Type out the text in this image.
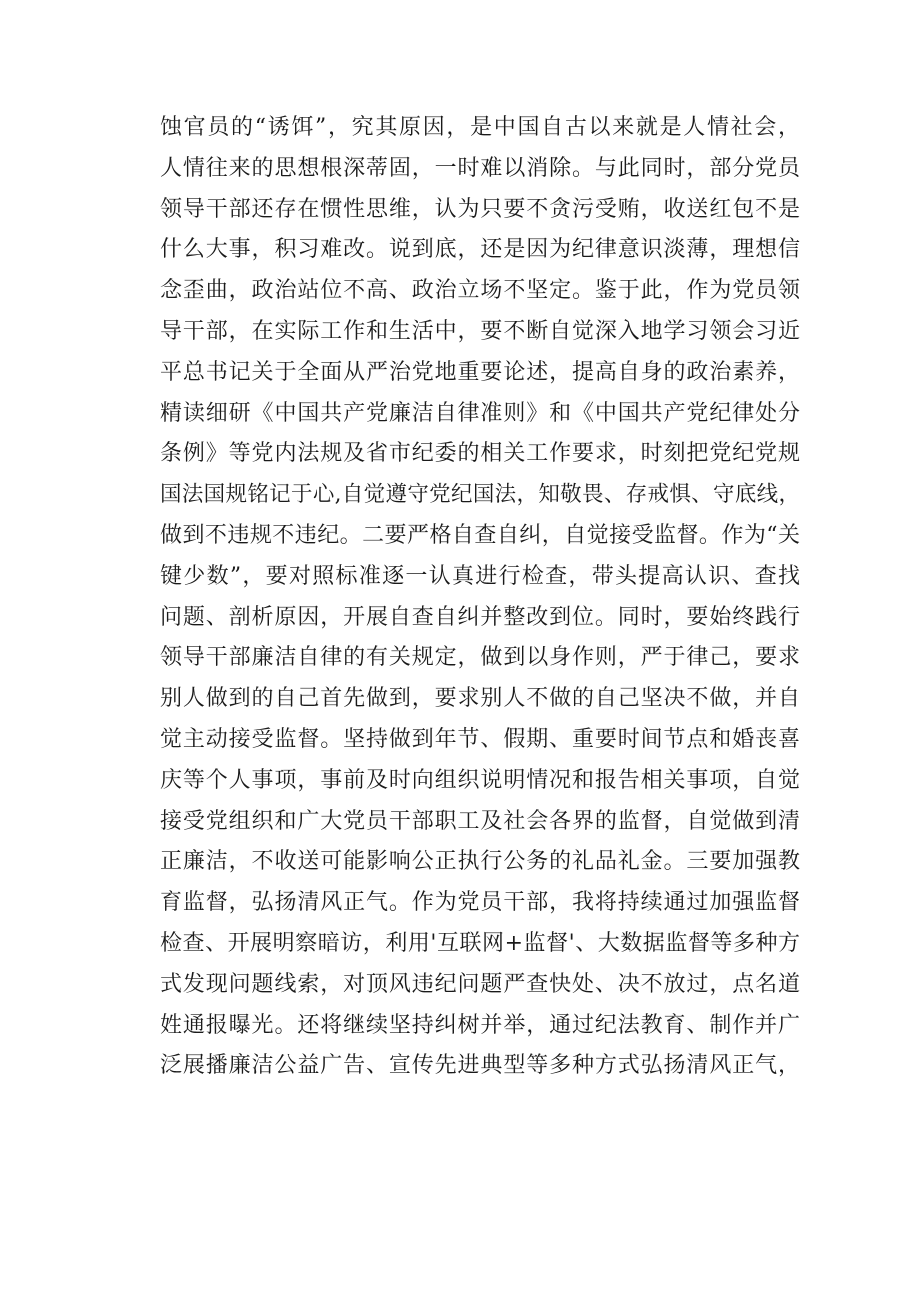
蚀官员的“诱饵”，究其原因，是中国自古以来就是人情社会，
人情往来的思想根深蒂固，一时难以消除。与此同时，部分党员
领导干部还存在惯性思维，认为只要不贪污受贿，收送红包不是
什么大事，积习难改。说到底，还是因为纪律意识淡薄，理想信
念歪曲，政治站位不高、政治立场不坚定。鉴于此，作为党员领
导干部，在实际工作和生活中，要不断自觉深入地学习领会习近
平总书记关于全面从严治党地重要论述，提高自身的政治素养，
精读细研《中国共产党廉洁自律准则》和《中国共产党纪律处分
条例》等党内法规及省市纪委的相关工作要求，时刻把党纪党规
国法国规铭记于心,自觉遵守党纪国法，知敬畏、存戒惧、守底线，
做到不违规不违纪。二要严格自查自纠，自觉接受监督。作为“关
键少数”，要对照标准逐一认真进行检查，带头提高认识、查找
问题、剖析原因，开展自查自纠并整改到位。同时，要始终践行
领导干部廉洁自律的有关规定，做到以身作则，严于律己，要求
别人做到的自己首先做到，要求别人不做的自己坚决不做，并自
觉主动接受监督。坚持做到年节、假期、重要时间节点和婚丧喜
庆等个人事项，事前及时向组织说明情况和报告相关事项，自觉
接受党组织和广大党员干部职工及社会各界的监督，自觉做到清
正廉洁，不收送可能影响公正执行公务的礼品礼金。三要加强教
育监督，弘扬清风正气。作为党员干部，我将持续通过加强监督
检查、开展明察暗访，利用'互联网+监督'、大数据监督等多种方
式发现问题线索，对顶风违纪问题严查快处、决不放过，点名道
姓通报曝光。还将继续坚持纠树并举，通过纪法教育、制作并广
泛展播廉洁公益广告、宣传先进典型等多种方式弘扬清风正气，
